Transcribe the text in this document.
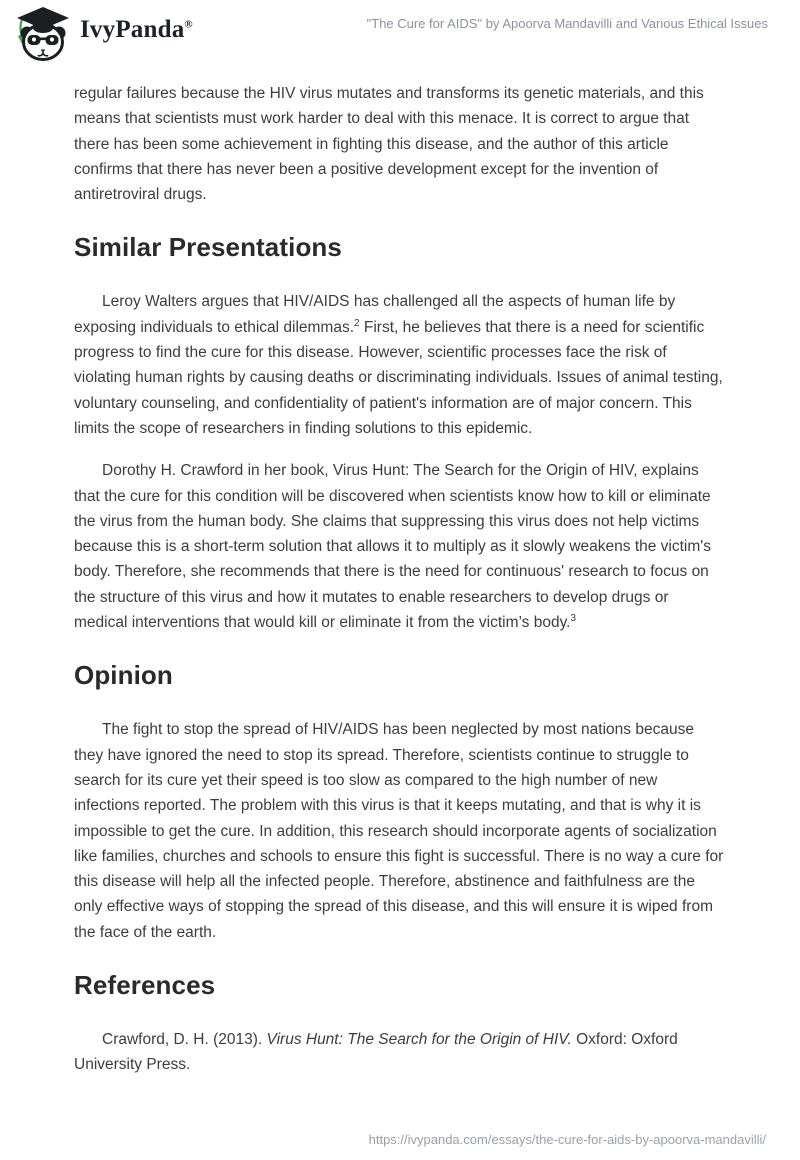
IvyPanda®	"The Cure for AIDS" by Apoorva Mandavilli and Various Ethical Issues

regular failures because the HIV virus mutates and transforms its genetic materials, and this means that scientists must work harder to deal with this menace. It is correct to argue that there has been some achievement in fighting this disease, and the author of this article confirms that there has never been a positive development except for the invention of antiretroviral drugs.

Similar Presentations

Leroy Walters argues that HIV/AIDS has challenged all the aspects of human life by exposing individuals to ethical dilemmas.$^2$ First, he believes that there is a need for scientific progress to find the cure for this disease. However, scientific processes face the risk of violating human rights by causing deaths or discriminating individuals. Issues of animal testing, voluntary counseling, and confidentiality of patient's information are of major concern. This limits the scope of researchers in finding solutions to this epidemic.

Dorothy H. Crawford in her book, Virus Hunt: The Search for the Origin of HIV, explains that the cure for this condition will be discovered when scientists know how to kill or eliminate the virus from the human body. She claims that suppressing this virus does not help victims because this is a short-term solution that allows it to multiply as it slowly weakens the victim's body. Therefore, she recommends that there is the need for continuous' research to focus on the structure of this virus and how it mutates to enable researchers to develop drugs or medical interventions that would kill or eliminate it from the victim’s body.$^3$

Opinion

The fight to stop the spread of HIV/AIDS has been neglected by most nations because they have ignored the need to stop its spread. Therefore, scientists continue to struggle to search for its cure yet their speed is too slow as compared to the high number of new infections reported. The problem with this virus is that it keeps mutating, and that is why it is impossible to get the cure. In addition, this research should incorporate agents of socialization like families, churches and schools to ensure this fight is successful. There is no way a cure for this disease will help all the infected people. Therefore, abstinence and faithfulness are the only effective ways of stopping the spread of this disease, and this will ensure it is wiped from the face of the earth.

References

Crawford, D. H. (2013). Virus Hunt: The Search for the Origin of HIV. Oxford: Oxford University Press.

https://ivypanda.com/essays/the-cure-for-aids-by-apoorva-mandavilli/
